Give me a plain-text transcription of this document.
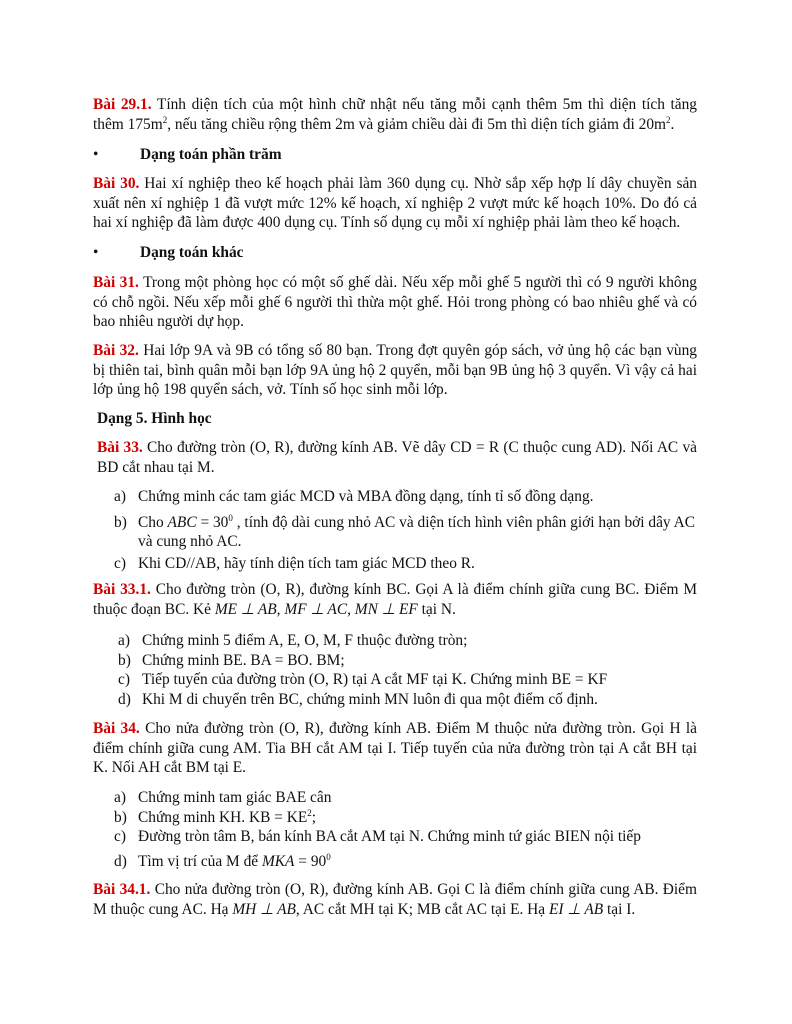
Bài 29.1. Tính diện tích của một hình chữ nhật nếu tăng mỗi cạnh thêm 5m thì diện tích tăng thêm $175m^2$, nếu tăng chiều rộng thêm 2m và giảm chiều dài đi 5m thì diện tích giảm đi $20m^2$.

•	Dạng toán phần trăm

Bài 30. Hai xí nghiệp theo kế hoạch phải làm 360 dụng cụ. Nhờ sắp xếp hợp lí dây chuyền sản xuất nên xí nghiệp 1 đã vượt mức 12% kế hoạch, xí nghiệp 2 vượt mức kế hoạch 10%. Do đó cả hai xí nghiệp đã làm được 400 dụng cụ. Tính số dụng cụ mỗi xí nghiệp phải làm theo kế hoạch.

•	Dạng toán khác

Bài 31. Trong một phòng học có một số ghế dài. Nếu xếp mỗi ghế 5 người thì có 9 người không có chỗ ngồi. Nếu xếp mỗi ghế 6 người thì thừa một ghế. Hỏi trong phòng có bao nhiêu ghế và có bao nhiêu người dự họp.

Bài 32. Hai lớp 9A và 9B có tổng số 80 bạn. Trong đợt quyên góp sách, vở ủng hộ các bạn vùng bị thiên tai, bình quân mỗi bạn lớp 9A ủng hộ 2 quyển, mỗi bạn 9B ủng hộ 3 quyển. Vì vậy cả hai lớp ủng hộ 198 quyển sách, vở. Tính số học sinh mỗi lớp.

Dạng 5. Hình học

Bài 33. Cho đường tròn (O, R), đường kính AB. Vẽ dây CD = R (C thuộc cung AD). Nối AC và BD cắt nhau tại M.

a) Chứng minh các tam giác MCD và MBA đồng dạng, tính tỉ số đồng dạng.
b) Cho ABC = $30^0$ , tính độ dài cung nhỏ AC và diện tích hình viên phân giới hạn bởi dây AC và cung nhỏ AC.
c) Khi CD//AB, hãy tính diện tích tam giác MCD theo R.

Bài 33.1. Cho đường tròn (O, R), đường kính BC. Gọi A là điểm chính giữa cung BC. Điểm M thuộc đoạn BC. Kẻ ME ⊥ AB, MF ⊥ AC, MN ⊥ EF tại N.

a) Chứng minh 5 điểm A, E, O, M, F thuộc đường tròn;
b) Chứng minh BE. BA = BO. BM;
c) Tiếp tuyến của đường tròn (O, R) tại A cắt MF tại K. Chứng minh BE = KF
d) Khi M di chuyển trên BC, chứng minh MN luôn đi qua một điểm cố định.

Bài 34. Cho nửa đường tròn (O, R), đường kính AB. Điểm M thuộc nửa đường tròn. Gọi H là điểm chính giữa cung AM. Tia BH cắt AM tại I. Tiếp tuyến của nửa đường tròn tại A cắt BH tại K. Nối AH cắt BM tại E.

a) Chứng minh tam giác BAE cân
b) Chứng minh KH. KB = $KE^2$;
c) Đường tròn tâm B, bán kính BA cắt AM tại N. Chứng minh tứ giác BIEN nội tiếp
d) Tìm vị trí của M để MKA = $90^0$

Bài 34.1. Cho nửa đường tròn (O, R), đường kính AB. Gọi C là điểm chính giữa cung AB. Điểm M thuộc cung AC. Hạ MH ⊥ AB, AC cắt MH tại K; MB cắt AC tại E. Hạ EI ⊥ AB tại I.
